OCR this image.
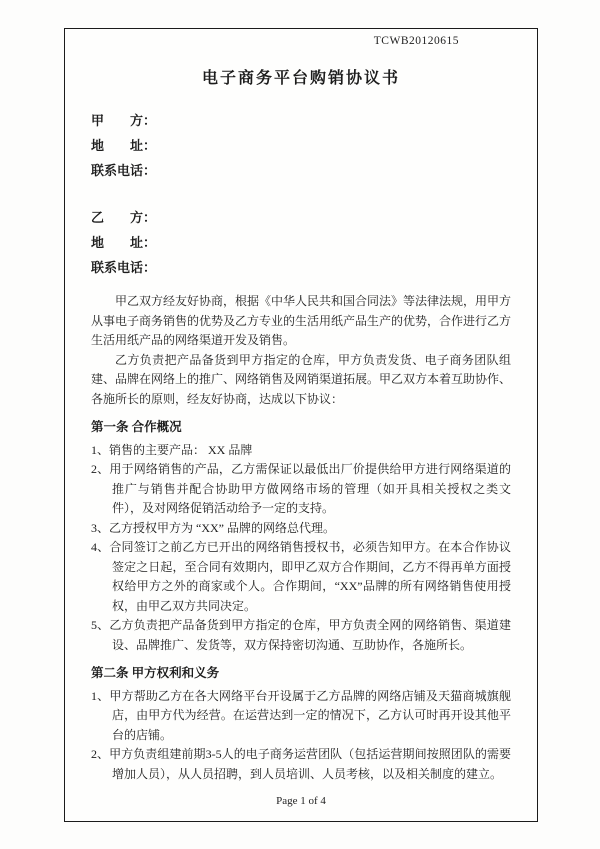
TCWB20120615
电子商务平台购销协议书

甲　　方：

地　　址：

联系电话：

乙　　方：

地　　址：

联系电话：

甲乙双方经友好协商，根据《中华人民共和国合同法》等法律法规，用甲方从事电子商务销售的优势及乙方专业的生活用纸产品生产的优势，合作进行乙方生活用纸产品的网络渠道开发及销售。

乙方负责把产品备货到甲方指定的仓库，甲方负责发货、电子商务团队组建、品牌在网络上的推广、网络销售及网销渠道拓展。甲乙双方本着互助协作、各施所长的原则，经友好协商，达成以下协议：

第一条 合作概况

1、销售的主要产品： XX 品牌

2、用于网络销售的产品，乙方需保证以最低出厂价提供给甲方进行网络渠道的推广与销售并配合协助甲方做网络市场的管理（如开具相关授权之类文件），及对网络促销活动给予一定的支持。

3、乙方授权甲方为 “XX” 品牌的网络总代理。

4、合同签订之前乙方已开出的网络销售授权书，必须告知甲方。在本合作协议签定之日起，至合同有效期内，即甲乙双方合作期间，乙方不得再单方面授权给甲方之外的商家或个人。合作期间，“XX”品牌的所有网络销售使用授权，由甲乙双方共同决定。

5、乙方负责把产品备货到甲方指定的仓库，甲方负责全网的网络销售、渠道建设、品牌推广、发货等，双方保持密切沟通、互助协作，各施所长。

第二条 甲方权利和义务

1、甲方帮助乙方在各大网络平台开设属于乙方品牌的网络店铺及天猫商城旗舰店，由甲方代为经营。在运营达到一定的情况下，乙方认可时再开设其他平台的店铺。

2、甲方负责组建前期3-5人的电子商务运营团队（包括运营期间按照团队的需要增加人员），从人员招聘，到人员培训、人员考核，以及相关制度的建立。

Page 1 of 4
